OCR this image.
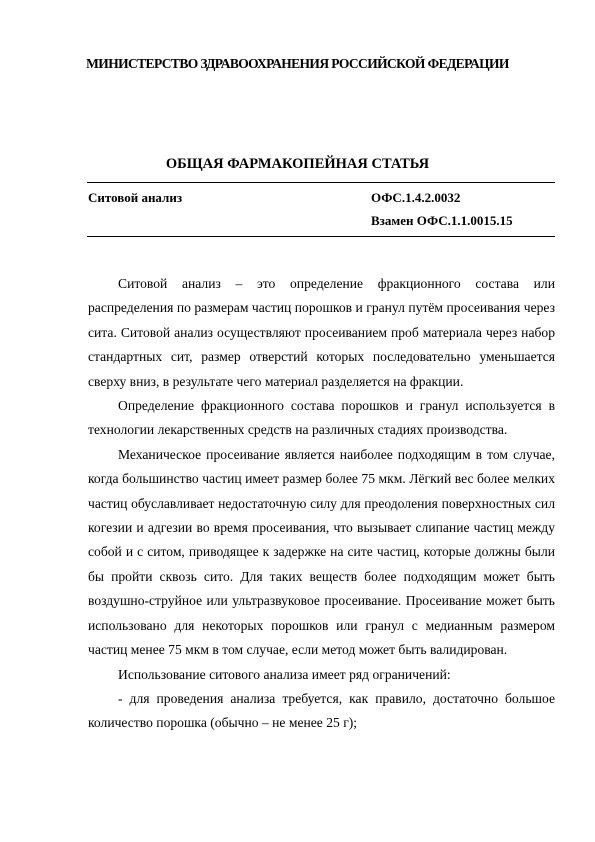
МИНИСТЕРСТВО ЗДРАВООХРАНЕНИЯ РОССИЙСКОЙ ФЕДЕРАЦИИ
ОБЩАЯ ФАРМАКОПЕЙНАЯ СТАТЬЯ
Ситовой анализ	ОФС.1.4.2.0032
Взамен ОФС.1.1.0015.15

Ситовой анализ – это определение фракционного состава или распределения по размерам частиц порошков и гранул путём просеивания через сита. Ситовой анализ осуществляют просеиванием проб материала через набор стандартных сит, размер отверстий которых последовательно уменьшается сверху вниз, в результате чего материал разделяется на фракции.

Определение фракционного состава порошков и гранул используется в технологии лекарственных средств на различных стадиях производства.

Механическое просеивание является наиболее подходящим в том случае, когда большинство частиц имеет размер более 75 мкм. Лёгкий вес более мелких частиц обуславливает недостаточную силу для преодоления поверхностных сил когезии и адгезии во время просеивания, что вызывает слипание частиц между собой и с ситом, приводящее к задержке на сите частиц, которые должны были бы пройти сквозь сито. Для таких веществ более подходящим может быть воздушно-струйное или ультразвуковое просеивание. Просеивание может быть использовано для некоторых порошков или гранул с медианным размером частиц менее 75 мкм в том случае, если метод может быть валидирован.

Использование ситового анализа имеет ряд ограничений:

- для проведения анализа требуется, как правило, достаточно большое количество порошка (обычно – не менее 25 г);
